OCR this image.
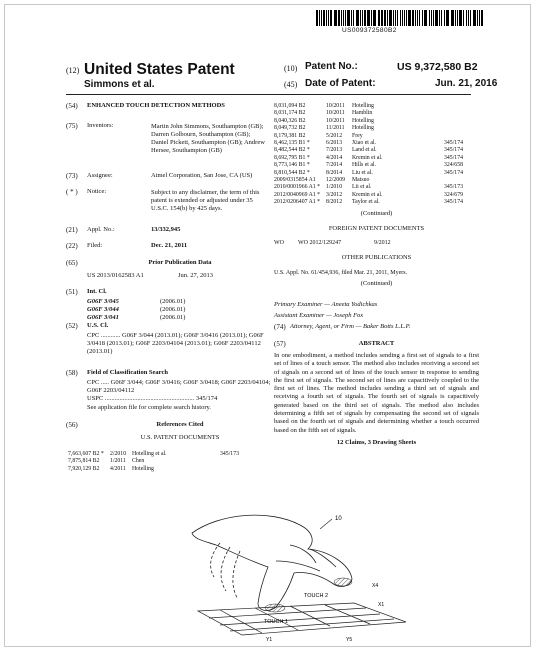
US009372580B2
(12) United States Patent
Simmons et al.
(10) Patent No.:	US 9,372,580 B2
(45) Date of Patent:	Jun. 21, 2016
(54) ENHANCED TOUCH DETECTION METHODS
(75) Inventors:	Martin John Simmons, Southampton (GB); Darren Golbourn, Southampton (GB); Daniel Pickett, Southampton (GB); Andrew Hersee, Southampton (GB)
(73) Assignee:	Atmel Corporation, San Jose, CA (US)
( * ) Notice:	Subject to any disclaimer, the term of this patent is extended or adjusted under 35 U.S.C. 154(b) by 425 days.
(21) Appl. No.:	13/332,945
(22) Filed:	Dec. 21, 2011
(65)	Prior Publication Data
US 2013/0162583 A1	Jun. 27, 2013
(51) Int. Cl.
G06F 3/045	(2006.01)
G06F 3/044	(2006.01)
G06F 3/041	(2006.01)
(52) U.S. Cl.
CPC ............ G06F 3/044 (2013.01); G06F 3/0416 (2013.01); G06F 3/0418 (2013.01); G06F 2203/04104 (2013.01); G06F 2203/04112 (2013.01)
(58) Field of Classification Search
CPC ..... G06F 3/044; G06F 3/0416; G06F 3/0418; G06F 2203/04104; G06F 2203/04112
USPC ....................................................... 345/174
See application file for complete search history.
(56)	References Cited
U.S. PATENT DOCUMENTS
7,663,607 B2 * 2/2010 Hotelling et al.	345/173
7,875,814 B2 1/2011 Chen
7,920,129 B2 4/2011 Hotelling
8,031,094 B2	10/2011 Hotelling
8,031,174 B2	10/2011 Hamblin
8,040,326 B2	10/2011 Hotelling
8,049,732 B2	11/2011 Hotelling
8,179,381 B2	5/2012 Frey
8,462,135 B1 *	6/2013 Xiao et al.	345/174
8,482,544 B2 *	7/2013 Land et al.	345/174
8,692,795 B1 *	4/2014 Kremin et al.	345/174
8,773,146 B1 *	7/2014 Hills et al.	324/658
8,810,544 B2 *	8/2014 Liu et al.	345/174
2009/0315854 A1 12/2009 Matsuo
2010/0001966 A1 * 1/2010 Lii et al.	345/173
2012/0040969 A1 * 3/2012 Kremin et al.	324/679
2012/0206407 A1 * 8/2012 Taylor et al.	345/174
(Continued)
FOREIGN PATENT DOCUMENTS
WO WO 2012/129247	9/2012
OTHER PUBLICATIONS
U.S. Appl. No. 61/454,936, filed Mar. 21, 2011, Myers.
(Continued)
Primary Examiner — Aneeta Yodichkas
Assistant Examiner — Joseph Fox
(74) Attorney, Agent, or Firm — Baker Botts L.L.P.
(57)	ABSTRACT
In one embodiment, a method includes sending a first set of signals to a first set of lines of a touch sensor. The method also includes receiving a second set of signals on a second set of lines of the touch sensor in response to sending the first set of signals. The second set of lines are capacitively coupled to the first set of lines. The method includes sending a third set of signals and receiving a fourth set of signals. The fourth set of signals is capacitively generated based on the third set of signals. The method also includes determining a fifth set of signals by compensating the second set of signals based on the fourth set of signals and determining whether a touch occurred based on the fifth set of signals.
12 Claims, 3 Drawing Sheets
10
TOUCH 2
TOUCH 1
X4
X1
Y1	Y5
